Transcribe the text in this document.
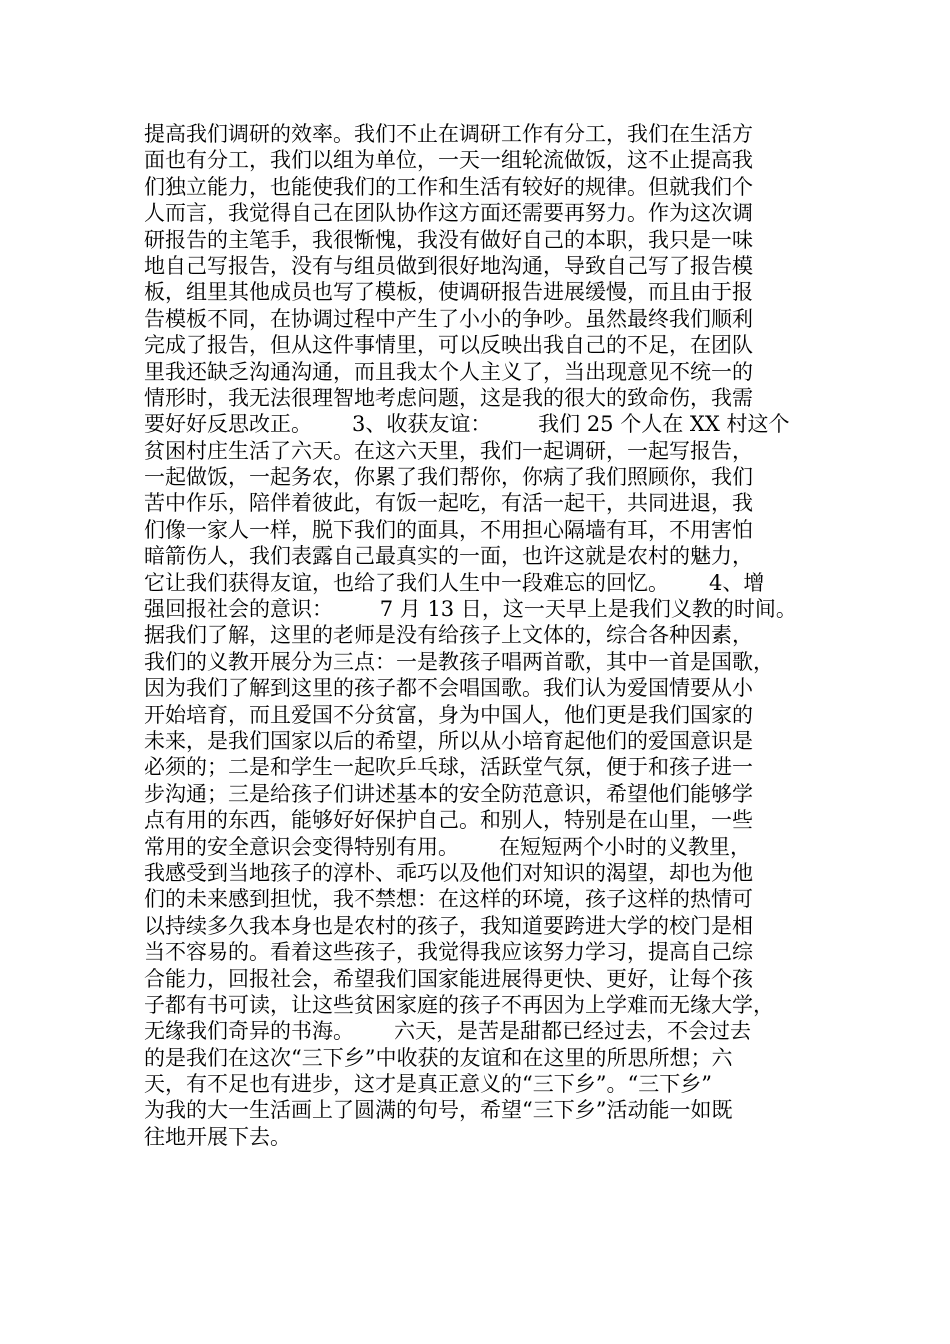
提高我们调研的效率。我们不止在调研工作有分工，我们在生活方
面也有分工，我们以组为单位，一天一组轮流做饭，这不止提高我
们独立能力，也能使我们的工作和生活有较好的规律。但就我们个
人而言，我觉得自己在团队协作这方面还需要再努力。作为这次调
研报告的主笔手，我很惭愧，我没有做好自己的本职，我只是一味
地自己写报告，没有与组员做到很好地沟通，导致自己写了报告模
板，组里其他成员也写了模板，使调研报告进展缓慢，而且由于报
告模板不同，在协调过程中产生了小小的争吵。虽然最终我们顺利
完成了报告，但从这件事情里，可以反映出我自己的不足，在团队
里我还缺乏沟通沟通，而且我太个人主义了，当出现意见不统一的
情形时，我无法很理智地考虑问题，这是我的很大的致命伤，我需
要好好反思改正。      3、收获友谊：       我们 25 个人在 XX 村这个
贫困村庄生活了六天。在这六天里，我们一起调研，一起写报告，
一起做饭，一起务农，你累了我们帮你，你病了我们照顾你，我们
苦中作乐，陪伴着彼此，有饭一起吃，有活一起干，共同进退，我
们像一家人一样，脱下我们的面具，不用担心隔墙有耳，不用害怕
暗箭伤人，我们表露自己最真实的一面，也许这就是农村的魅力，
它让我们获得友谊，也给了我们人生中一段难忘的回忆。      4、增
强回报社会的意识：       7 月 13 日，这一天早上是我们义教的时间。
据我们了解，这里的老师是没有给孩子上文体的，综合各种因素，
我们的义教开展分为三点：一是教孩子唱两首歌，其中一首是国歌，
因为我们了解到这里的孩子都不会唱国歌。我们认为爱国情要从小
开始培育，而且爱国不分贫富，身为中国人，他们更是我们国家的
未来，是我们国家以后的希望，所以从小培育起他们的爱国意识是
必须的；二是和学生一起吹乒乓球，活跃堂气氛，便于和孩子进一
步沟通；三是给孩子们讲述基本的安全防范意识，希望他们能够学
点有用的东西，能够好好保护自己。和别人，特别是在山里，一些
常用的安全意识会变得特别有用。      在短短两个小时的义教里，
我感受到当地孩子的淳朴、乖巧以及他们对知识的渴望，却也为他
们的未来感到担忧，我不禁想：在这样的环境，孩子这样的热情可
以持续多久我本身也是农村的孩子，我知道要跨进大学的校门是相
当不容易的。看着这些孩子，我觉得我应该努力学习，提高自己综
合能力，回报社会，希望我们国家能进展得更快、更好，让每个孩
子都有书可读，让这些贫困家庭的孩子不再因为上学难而无缘大学，
无缘我们奇异的书海。      六天，是苦是甜都已经过去，不会过去
的是我们在这次“三下乡”中收获的友谊和在这里的所思所想；六
天，有不足也有进步，这才是真正意义的“三下乡”。“三下乡”
为我的大一生活画上了圆满的句号，希望“三下乡”活动能一如既
往地开展下去。
